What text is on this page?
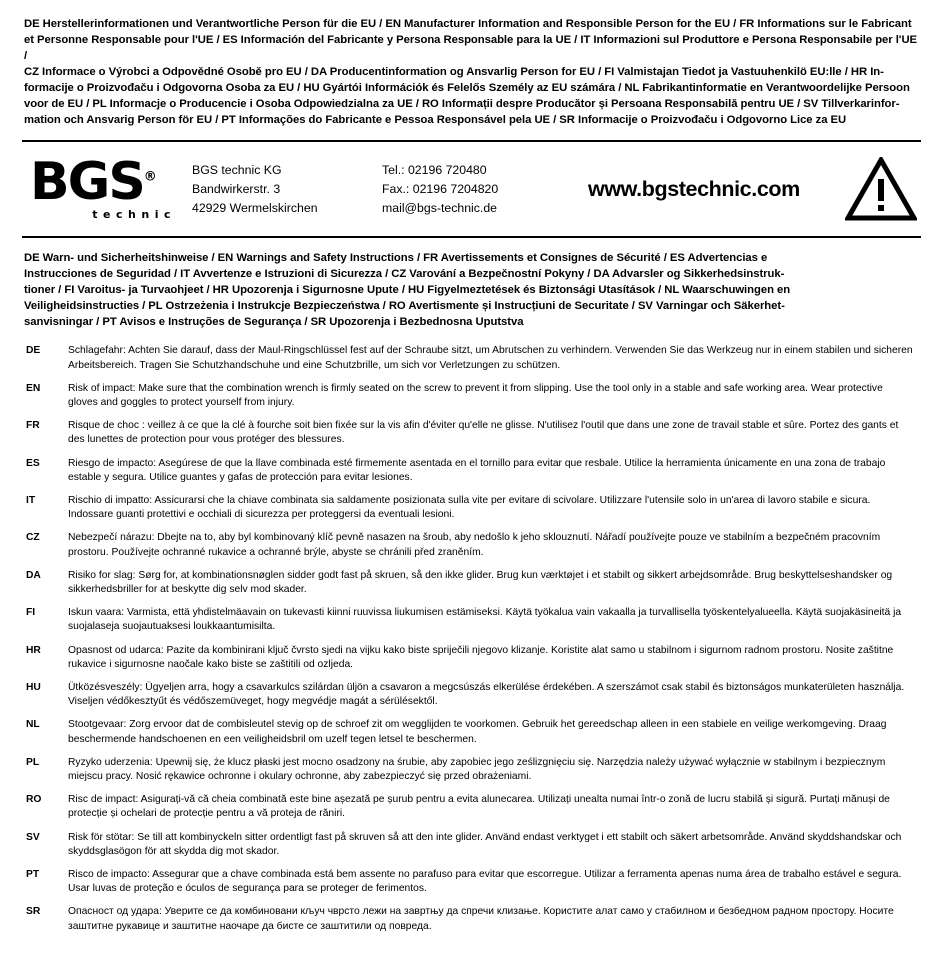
DE Herstellerinformationen und Verantwortliche Person für die EU / EN Manufacturer Information and Responsible Person for the EU / FR Informations sur le Fabricant
et Personne Responsable pour l'UE / ES Información del Fabricante y Persona Responsable para la UE / IT Informazioni sul Produttore e Persona Responsabile per l'UE /
CZ Informace o Výrobci a Odpovědné Osobě pro EU / DA Producentinformation og Ansvarlig Person for EU / FI Valmistajan Tiedot ja Vastuuhenkilö EU:lle / HR In-
formacije o Proizvođaču i Odgovorna Osoba za EU / HU Gyártói Információk és Felelős Személy az EU számára / NL Fabrikantinformatie en Verantwoordelijke Persoon
voor de EU / PL Informacje o Producencie i Osoba Odpowiedzialna za UE / RO Informații despre Producător și Persoana Responsabilă pentru UE / SV Tillverkarinfor-
mation och Ansvarig Person för EU / PT Informações do Fabricante e Pessoa Responsável pela UE / SR Informacije o Proizvođaču i Odgovorno Lice za EU
BGS®
technic
BGS technic KG
Bandwirkerstr. 3
42929 Wermelskirchen
Tel.: 02196 720480
Fax.: 02196 7204820
mail@bgs-technic.de
www.bgstechnic.com
DE Warn- und Sicherheitshinweise / EN Warnings and Safety Instructions / FR Avertissements et Consignes de Sécurité / ES Advertencias e
Instrucciones de Seguridad / IT Avvertenze e Istruzioni di Sicurezza / CZ Varování a Bezpečnostní Pokyny / DA Advarsler og Sikkerhedsinstruk-
tioner / FI Varoitus- ja Turvaohjeet / HR Upozorenja i Sigurnosne Upute / HU Figyelmeztetések és Biztonsági Utasítások / NL Waarschuwingen en
Veiligheidsinstructies / PL Ostrzeżenia i Instrukcje Bezpieczeństwa / RO Avertismente și Instrucțiuni de Securitate / SV Varningar och Säkerhet-
sanvisningar / PT Avisos e Instruções de Segurança / SR Upozorenja i Bezbednosna Uputstva
DE	Schlagefahr: Achten Sie darauf, dass der Maul-Ringschlüssel fest auf der Schraube sitzt, um Abrutschen zu verhindern. Verwenden Sie das Werkzeug nur in einem stabilen und sicheren Arbeitsbereich. Tragen Sie Schutzhandschuhe und eine Schutzbrille, um sich vor Verletzungen zu schützen.
EN	Risk of impact: Make sure that the combination wrench is firmly seated on the screw to prevent it from slipping. Use the tool only in a stable and safe working area. Wear protective gloves and goggles to protect yourself from injury.
FR	Risque de choc : veillez à ce que la clé à fourche soit bien fixée sur la vis afin d'éviter qu'elle ne glisse. N'utilisez l'outil que dans une zone de travail stable et sûre. Portez des gants et des lunettes de protection pour vous protéger des blessures.
ES	Riesgo de impacto: Asegúrese de que la llave combinada esté firmemente asentada en el tornillo para evitar que resbale. Utilice la herramienta únicamente en una zona de trabajo estable y segura. Utilice guantes y gafas de protección para evitar lesiones.
IT	Rischio di impatto: Assicurarsi che la chiave combinata sia saldamente posizionata sulla vite per evitare di scivolare. Utilizzare l'utensile solo in un'area di lavoro stabile e sicura. Indossare guanti protettivi e occhiali di sicurezza per proteggersi da eventuali lesioni.
CZ	Nebezpečí nárazu: Dbejte na to, aby byl kombinovaný klíč pevně nasazen na šroub, aby nedošlo k jeho sklouznutí. Nářadí používejte pouze ve stabilním a bezpečném pracovním prostoru. Používejte ochranné rukavice a ochranné brýle, abyste se chránili před zraněním.
DA	Risiko for slag: Sørg for, at kombinationsnøglen sidder godt fast på skruen, så den ikke glider. Brug kun værktøjet i et stabilt og sikkert arbejdsområde. Brug beskyttelseshandsker og sikkerhedsbriller for at beskytte dig selv mod skader.
FI	Iskun vaara: Varmista, että yhdistelmäavain on tukevasti kiinni ruuvissa liukumisen estämiseksi. Käytä työkalua vain vakaalla ja turvallisella työskentelyalueella. Käytä suojakäsineitä ja suojalaseja suojautuaksesi loukkaantumisilta.
HR	Opasnost od udarca: Pazite da kombinirani ključ čvrsto sjedi na vijku kako biste spriječili njegovo klizanje. Koristite alat samo u stabilnom i sigurnom radnom prostoru. Nosite zaštitne rukavice i sigurnosne naočale kako biste se zaštitili od ozljeda.
HU	Ütközésveszély: Ügyeljen arra, hogy a csavarkulcs szilárdan üljön a csavaron a megcsúszás elkerülése érdekében. A szerszámot csak stabil és biztonságos munkaterületen használja. Viseljen védőkesztyűt és védőszemüveget, hogy megvédje magát a sérülésektől.
NL	Stootgevaar: Zorg ervoor dat de combisleutel stevig op de schroef zit om wegglijden te voorkomen. Gebruik het gereedschap alleen in een stabiele en veilige werkomgeving. Draag beschermende handschoenen en een veiligheidsbril om uzelf tegen letsel te beschermen.
PL	Ryzyko uderzenia: Upewnij się, że klucz płaski jest mocno osadzony na śrubie, aby zapobiec jego ześlizgnięciu się. Narzędzia należy używać wyłącznie w stabilnym i bezpiecznym miejscu pracy. Nosić rękawice ochronne i okulary ochronne, aby zabezpieczyć się przed obrażeniami.
RO	Risc de impact: Asigurați-vă că cheia combinată este bine așezată pe șurub pentru a evita alunecarea. Utilizați unealta numai într-o zonă de lucru stabilă și sigură. Purtați mănuși de protecție și ochelari de protecție pentru a vă proteja de răniri.
SV	Risk för stötar: Se till att kombinyckeln sitter ordentligt fast på skruven så att den inte glider. Använd endast verktyget i ett stabilt och säkert arbetsområde. Använd skyddshandskar och skyddsglasögon för att skydda dig mot skador.
PT	Risco de impacto: Assegurar que a chave combinada está bem assente no parafuso para evitar que escorregue. Utilizar a ferramenta apenas numa área de trabalho estável e segura. Usar luvas de proteção e óculos de segurança para se proteger de ferimentos.
SR	Опасност од удара: Уверите се да комбиновани кључ чврсто лежи на завртњу да спречи клизање. Користите алат само у стабилном и безбедном радном простору. Носите заштитне рукавице и заштитне наочаре да бисте се заштитили од повреда.
